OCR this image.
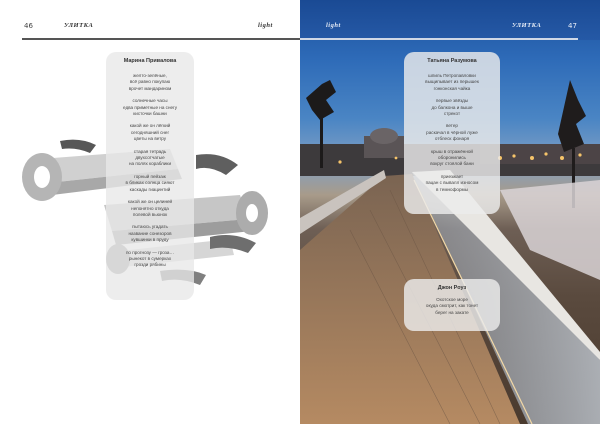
46	УЛИТКА	light
Марина Привалова
желто-зелёные,
всё равно покупаю
врочет мандарином
солнечные часы
едва приметные на снегу
кисточки башни
какой же он лёгкий
сегодняшний снег
цветы на ветру
старая тетрадь
двухсотчатые
на полях кораблики
горный пейзаж
в бликах солнца сияют
каскады гиацинтий
какой же он целиней
непонятно откуда
полевой вьюнок
пытаюсь угадать
название сонезоров
кувшинки в пруду
по прогнозу — гроза…
рынекот в сумерках
грозди рябины
light	УЛИТКА	47
Татьяна Разумова
шпиль Петропавловки
выщипывает из перышек
гонконская чайка
первые звёзды
до балкона и выше
стрекот
ветер
раскачал в чёрной луже
отблеск фонаря
крыш в отражённой
оборонились
вокруг стоялой бани
приезжает
пацан с вывалл износом
в темноформы
Джон Роуз
Охотское море
окуда смотрит, как тонет
берег на закате
